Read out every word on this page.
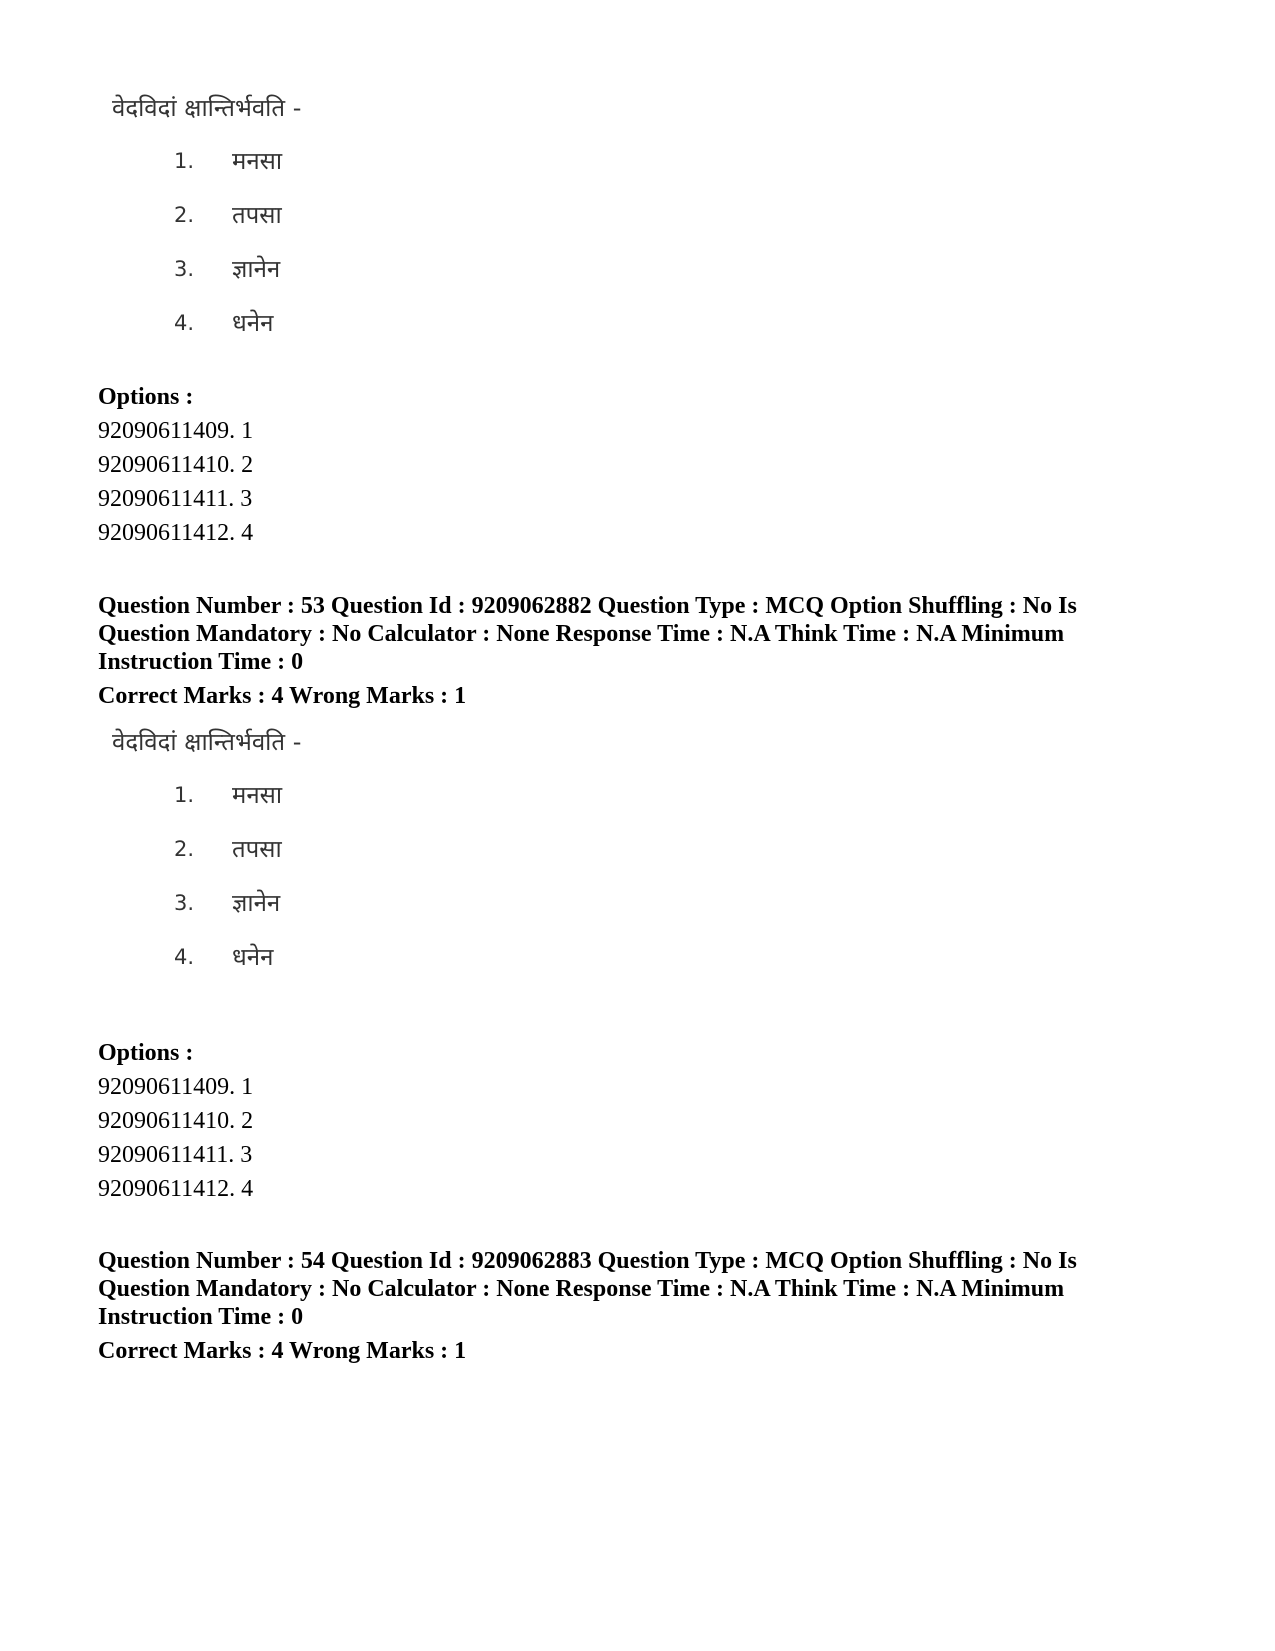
वेदविदां क्षान्तिर्भवति -
1. मनसा
2. तपसा
3. ज्ञानेन
4. धनेन
Options :
92090611409. 1
92090611410. 2
92090611411. 3
92090611412. 4
Question Number : 53 Question Id : 9209062882 Question Type : MCQ Option Shuffling : No Is
Question Mandatory : No Calculator : None Response Time : N.A Think Time : N.A Minimum
Instruction Time : 0
Correct Marks : 4 Wrong Marks : 1
वेदविदां क्षान्तिर्भवति -
1. मनसा
2. तपसा
3. ज्ञानेन
4. धनेन
Options :
92090611409. 1
92090611410. 2
92090611411. 3
92090611412. 4
Question Number : 54 Question Id : 9209062883 Question Type : MCQ Option Shuffling : No Is
Question Mandatory : No Calculator : None Response Time : N.A Think Time : N.A Minimum
Instruction Time : 0
Correct Marks : 4 Wrong Marks : 1
